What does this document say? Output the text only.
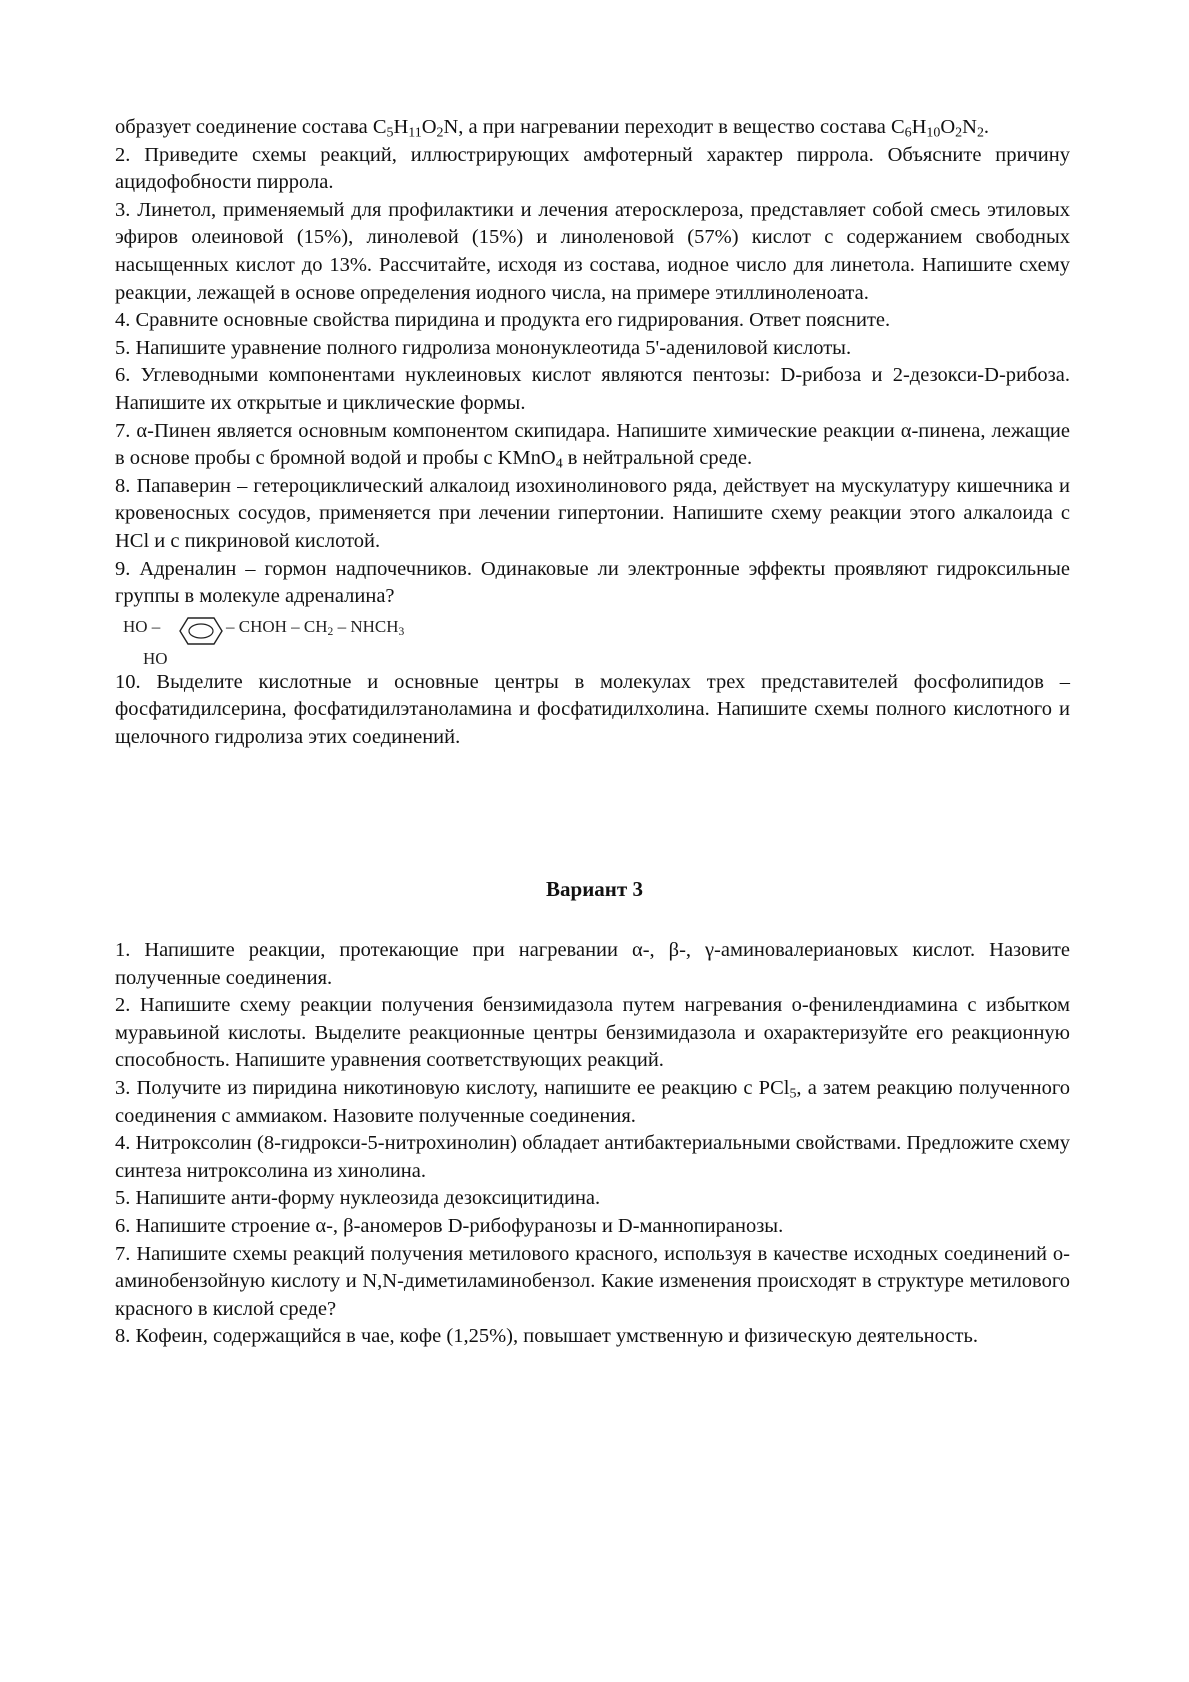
образует соединение состава $C_5H_{11}O_2N$, а при нагревании переходит в вещество состава $C_6H_{10}O_2N_2$.

2. Приведите схемы реакций, иллюстрирующих амфотерный характер пиррола. Объясните причину ацидофобности пиррола.

3. Линетол, применяемый для профилактики и лечения атеросклероза, представляет собой смесь этиловых эфиров олеиновой (15%), линолевой (15%) и линоленовой (57%) кислот с содержанием свободных насыщенных кислот до 13%. Рассчитайте, исходя из состава, иодное число для линетола. Напишите схему реакции, лежащей в основе определения иодного числа, на примере этиллиноленоата.

4. Сравните основные свойства пиридина и продукта его гидрирования. Ответ поясните.

5. Напишите уравнение полного гидролиза мононуклеотида 5'-адениловой кислоты.

6. Углеводными компонентами нуклеиновых кислот являются пентозы: D-рибоза и 2-дезокси-D-рибоза. Напишите их открытые и циклические формы.

7. α-Пинен является основным компонентом скипидара. Напишите химические реакции α-пинена, лежащие в основе пробы с бромной водой и пробы с KMnO$_4$ в нейтральной среде.

8. Папаверин – гетероциклический алкалоид изохинолинового ряда, действует на мускулатуру кишечника и кровеносных сосудов, применяется при лечении гипертонии. Напишите схему реакции этого алкалоида с HCl и с пикриновой кислотой.

9. Адреналин – гормон надпочечников. Одинаковые ли электронные эффекты проявляют гидроксильные группы в молекуле адреналина?

HO –	– CHOH – $CH_2$ – $NHCH_3$
HO

10. Выделите кислотные и основные центры в молекулах трех представителей фосфолипидов – фосфатидилсерина, фосфатидилэтаноламина и фосфатидилхолина. Напишите схемы полного кислотного и щелочного гидролиза этих соединений.

Вариант 3

1. Напишите реакции, протекающие при нагревании α-, β-, γ-аминовалериановых кислот. Назовите полученные соединения.

2. Напишите схему реакции получения бензимидазола путем нагревания о-фенилендиамина с избытком муравьиной кислоты. Выделите реакционные центры бензимидазола и охарактеризуйте его реакционную способность. Напишите уравнения соответствующих реакций.

3. Получите из пиридина никотиновую кислоту, напишите ее реакцию с PCl$_5$, а затем реакцию полученного соединения с аммиаком. Назовите полученные соединения.

4. Нитроксолин (8-гидрокси-5-нитрохинолин) обладает антибактериальными свойствами. Предложите схему синтеза нитроксолина из хинолина.

5. Напишите анти-форму нуклеозида дезоксицитидина.

6. Напишите строение α-, β-аномеров D-рибофуранозы и D-маннопиранозы.

7. Напишите схемы реакций получения метилового красного, используя в качестве исходных соединений о-аминобензойную кислоту и N,N-диметиламинобензол. Какие изменения происходят в структуре метилового красного в кислой среде?

8. Кофеин, содержащийся в чае, кофе (1,25%), повышает умственную и физическую деятельность.
